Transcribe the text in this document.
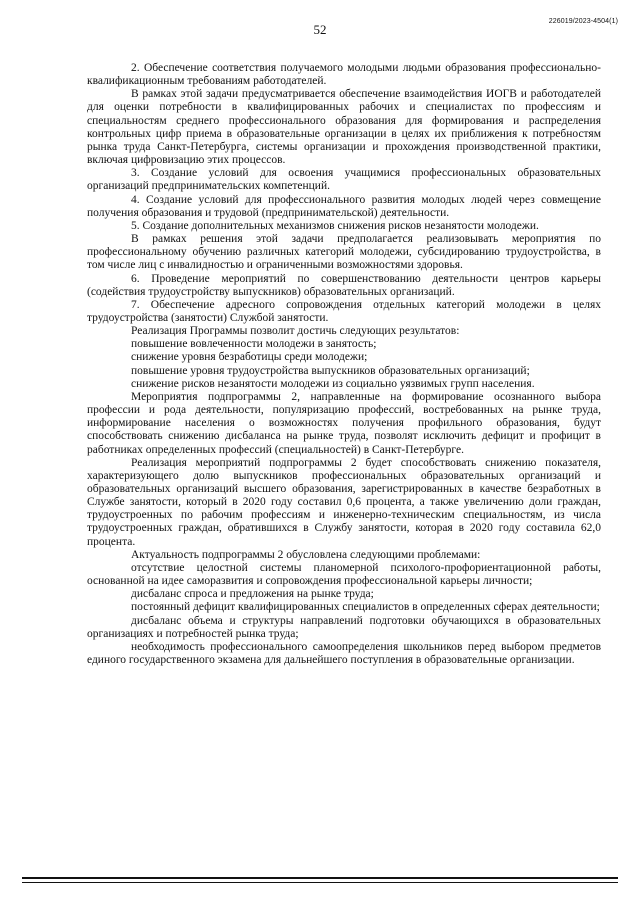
52
226019/2023-4504(1)

2. Обеспечение соответствия получаемого молодыми людьми образования профессионально-квалификационным требованиям работодателей.

В рамках этой задачи предусматривается обеспечение взаимодействия ИОГВ и работодателей для оценки потребности в квалифицированных рабочих и специалистах по профессиям и специальностям среднего профессионального образования для формирования и распределения контрольных цифр приема в образовательные организации в целях их приближения к потребностям рынка труда Санкт-Петербурга, системы организации и прохождения производственной практики, включая цифровизацию этих процессов.

3. Создание условий для освоения учащимися профессиональных образовательных организаций предпринимательских компетенций.

4. Создание условий для профессионального развития молодых людей через совмещение получения образования и трудовой (предпринимательской) деятельности.

5. Создание дополнительных механизмов снижения рисков незанятости молодежи.

В рамках решения этой задачи предполагается реализовывать мероприятия по профессиональному обучению различных категорий молодежи, субсидированию трудоустройства, в том числе лиц с инвалидностью и ограниченными возможностями здоровья.

6. Проведение мероприятий по совершенствованию деятельности центров карьеры (содействия трудоустройству выпускников) образовательных организаций.

7. Обеспечение адресного сопровождения отдельных категорий молодежи в целях трудоустройства (занятости) Службой занятости.

Реализация Программы позволит достичь следующих результатов:

повышение вовлеченности молодежи в занятость;

снижение уровня безработицы среди молодежи;

повышение уровня трудоустройства выпускников образовательных организаций;

снижение рисков незанятости молодежи из социально уязвимых групп населения.

Мероприятия подпрограммы 2, направленные на формирование осознанного выбора профессии и рода деятельности, популяризацию профессий, востребованных на рынке труда, информирование населения о возможностях получения профильного образования, будут способствовать снижению дисбаланса на рынке труда, позволят исключить дефицит и профицит в работниках определенных профессий (специальностей) в Санкт-Петербурге.

Реализация мероприятий подпрограммы 2 будет способствовать снижению показателя, характеризующего долю выпускников профессиональных образовательных организаций и образовательных организаций высшего образования, зарегистрированных в качестве безработных в Службе занятости, который в 2020 году составил 0,6 процента, а также увеличению доли граждан, трудоустроенных по рабочим профессиям и инженерно-техническим специальностям, из числа трудоустроенных граждан, обратившихся в Службу занятости, которая в 2020 году составила 62,0 процента.

Актуальность подпрограммы 2 обусловлена следующими проблемами:

отсутствие целостной системы планомерной психолого-профориентационной работы, основанной на идее саморазвития и сопровождения профессиональной карьеры личности;

дисбаланс спроса и предложения на рынке труда;

постоянный дефицит квалифицированных специалистов в определенных сферах деятельности;

дисбаланс объема и структуры направлений подготовки обучающихся в образовательных организациях и потребностей рынка труда;

необходимость профессионального самоопределения школьников перед выбором предметов единого государственного экзамена для дальнейшего поступления в образовательные организации.
